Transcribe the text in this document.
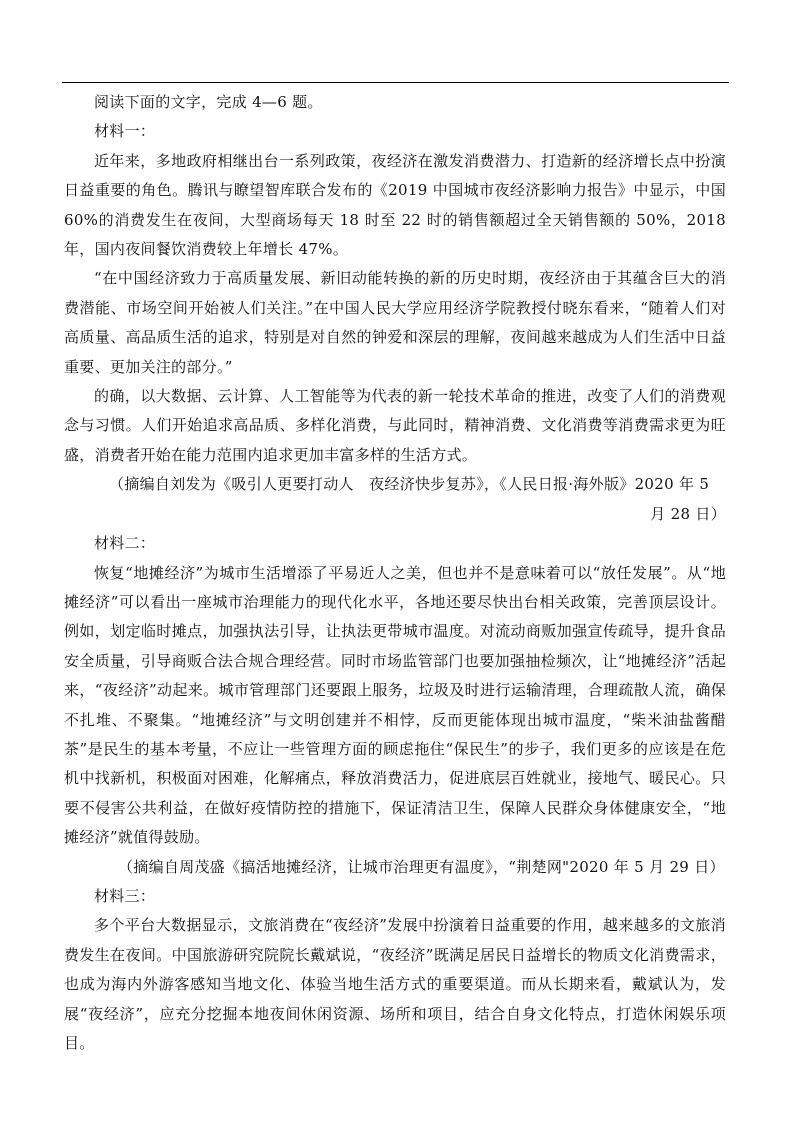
阅读下面的文字，完成 4—6 题。

材料一：

近年来，多地政府相继出台一系列政策，夜经济在激发消费潜力、打造新的经济增长点中扮演日益重要的角色。腾讯与瞭望智库联合发布的《2019 中国城市夜经济影响力报告》中显示，中国 60%的消费发生在夜间，大型商场每天 18 时至 22 时的销售额超过全天销售额的 50%，2018 年，国内夜间餐饮消费较上年增长 47%。

“在中国经济致力于高质量发展、新旧动能转换的新的历史时期，夜经济由于其蕴含巨大的消费潜能、市场空间开始被人们关注。”在中国人民大学应用经济学院教授付晓东看来，“随着人们对高质量、高品质生活的追求，特别是对自然的钟爱和深层的理解，夜间越来越成为人们生活中日益重要、更加关注的部分。”

的确，以大数据、云计算、人工智能等为代表的新一轮技术革命的推进，改变了人们的消费观念与习惯。人们开始追求高品质、多样化消费，与此同时，精神消费、文化消费等消费需求更为旺盛，消费者开始在能力范围内追求更加丰富多样的生活方式。

（摘编自刘发为《吸引人更要打动人　夜经济快步复苏》，《人民日报·海外版》2020 年 5

月 28 日）

材料二：

恢复“地摊经济”为城市生活增添了平易近人之美，但也并不是意味着可以“放任发展”。从“地摊经济”可以看出一座城市治理能力的现代化水平，各地还要尽快出台相关政策，完善顶层设计。例如，划定临时摊点，加强执法引导，让执法更带城市温度。对流动商贩加强宣传疏导，提升食品安全质量，引导商贩合法合规合理经营。同时市场监管部门也要加强抽检频次，让“地摊经济”活起来，“夜经济”动起来。城市管理部门还要跟上服务，垃圾及时进行运输清理，合理疏散人流，确保不扎堆、不聚集。“地摊经济”与文明创建并不相悖，反而更能体现出城市温度，“柴米油盐酱醋茶”是民生的基本考量，不应让一些管理方面的顾虑拖住“保民生”的步子，我们更多的应该是在危机中找新机，积极面对困难，化解痛点，释放消费活力，促进底层百姓就业，接地气、暖民心。只要不侵害公共利益，在做好疫情防控的措施下，保证清洁卫生，保障人民群众身体健康安全，“地摊经济”就值得鼓励。

（摘编自周茂盛《搞活地摊经济，让城市治理更有温度》，“荆楚网"2020 年 5 月 29 日）

材料三：

多个平台大数据显示，文旅消费在“夜经济”发展中扮演着日益重要的作用，越来越多的文旅消费发生在夜间。中国旅游研究院院长戴斌说，“夜经济”既满足居民日益增长的物质文化消费需求，也成为海内外游客感知当地文化、体验当地生活方式的重要渠道。而从长期来看，戴斌认为，发展“夜经济”，应充分挖掘本地夜间休闲资源、场所和项目，结合自身文化特点，打造休闲娱乐项目。
